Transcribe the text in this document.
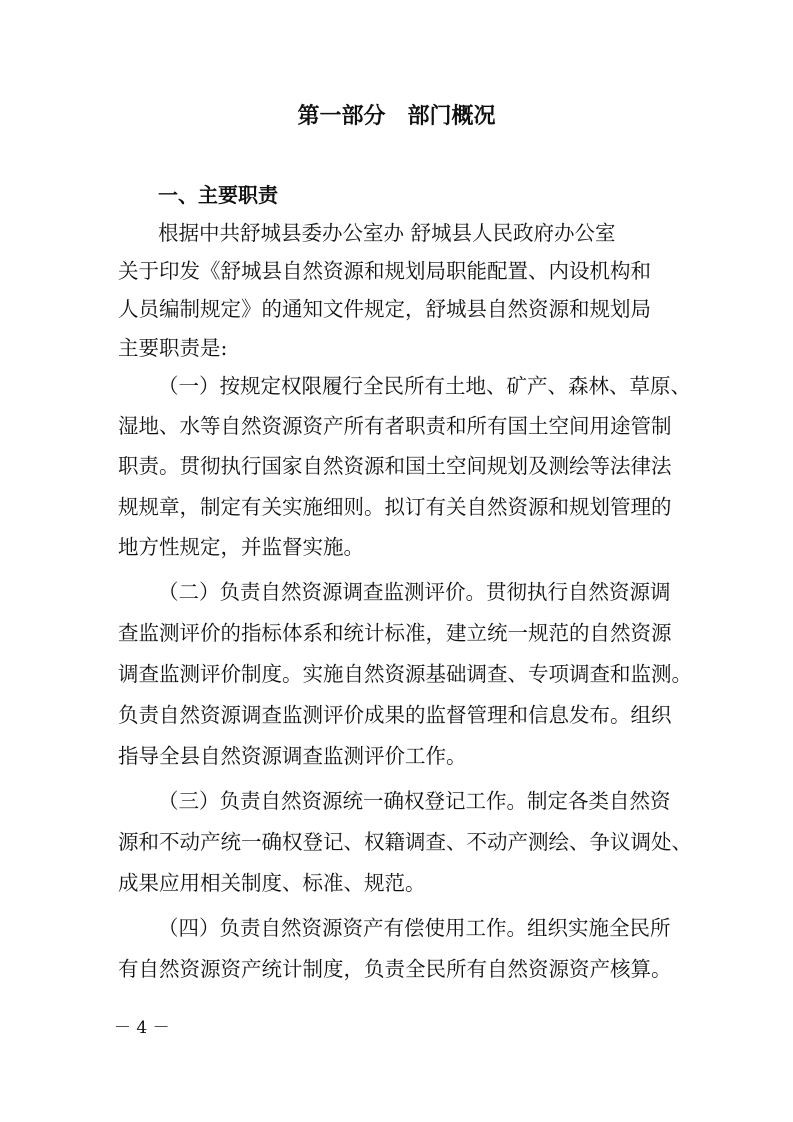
第一部分　部门概况
一、主要职责
根据中共舒城县委办公室办 舒城县人民政府办公室
关于印发《舒城县自然资源和规划局职能配置、内设机构和
人员编制规定》的通知文件规定，舒城县自然资源和规划局
主要职责是:
（一）按规定权限履行全民所有土地、矿产、森林、草原、
湿地、水等自然资源资产所有者职责和所有国土空间用途管制
职责。贯彻执行国家自然资源和国土空间规划及测绘等法律法
规规章，制定有关实施细则。拟订有关自然资源和规划管理的
地方性规定，并监督实施。
（二）负责自然资源调查监测评价。贯彻执行自然资源调
查监测评价的指标体系和统计标准，建立统一规范的自然资源
调查监测评价制度。实施自然资源基础调查、专项调查和监测。
负责自然资源调查监测评价成果的监督管理和信息发布。组织
指导全县自然资源调查监测评价工作。
（三）负责自然资源统一确权登记工作。制定各类自然资
源和不动产统一确权登记、权籍调查、不动产测绘、争议调处、
成果应用相关制度、标准、规范。
（四）负责自然资源资产有偿使用工作。组织实施全民所
有自然资源资产统计制度，负责全民所有自然资源资产核算。
－ 4 －
